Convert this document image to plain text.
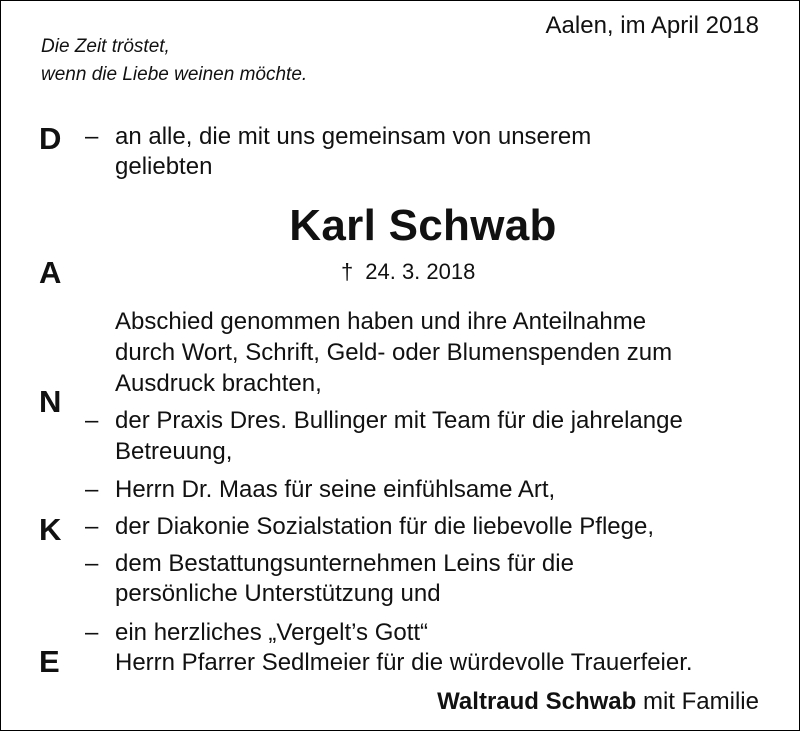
Aalen, im April 2018
Die Zeit tröstet,
wenn die Liebe weinen möchte.
D
A
N
K
E
– an alle, die mit uns gemeinsam von unserem
geliebten
Karl Schwab
† 24. 3. 2018
Abschied genommen haben und ihre Anteilnahme
durch Wort, Schrift, Geld- oder Blumenspenden zum
Ausdruck brachten,
– der Praxis Dres. Bullinger mit Team für die jahrelange
Betreuung,
– Herrn Dr. Maas für seine einfühlsame Art,
– der Diakonie Sozialstation für die liebevolle Pflege,
– dem Bestattungsunternehmen Leins für die
persönliche Unterstützung und
– ein herzliches „Vergelt’s Gott“
Herrn Pfarrer Sedlmeier für die würdevolle Trauerfeier.
Waltraud Schwab mit Familie
